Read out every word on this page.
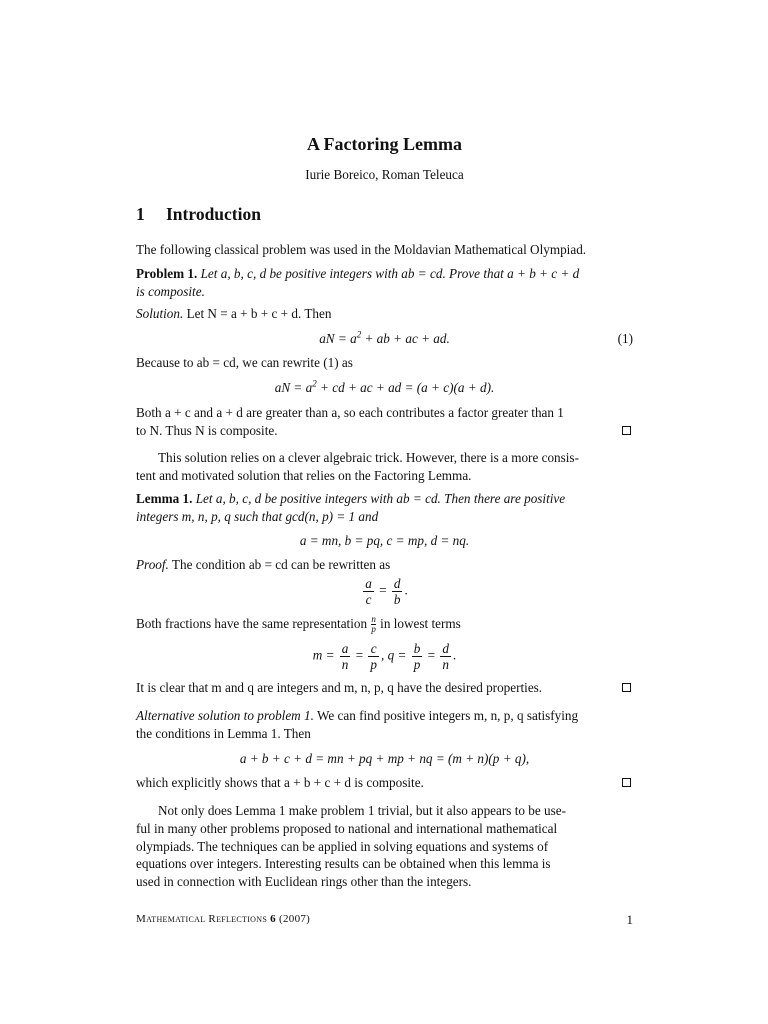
A Factoring Lemma
Iurie Boreico, Roman Teleuca
1 Introduction

The following classical problem was used in the Moldavian Mathematical Olympiad.

Problem 1. Let a, b, c, d be positive integers with ab = cd. Prove that a + b + c + d
is composite.
Solution. Let N = a + b + c + d. Then
aN = $a^2$ + ab + ac + ad.	(1)

Because to ab = cd, we can rewrite (1) as

aN = $a^2$ + cd + ac + ad = (a + c)(a + d).

Both a + c and a + d are greater than a, so each contributes a factor greater than 1

to N. Thus N is composite.

This solution relies on a clever algebraic trick. However, there is a more consis-

tent and motivated solution that relies on the Factoring Lemma.

Lemma 1. Let a, b, c, d be positive integers with ab = cd. Then there are positive
integers m, n, p, q such that gcd(n, p) = 1 and
a = mn, b = pq, c = mp, d = nq.
Proof. The condition ab = cd can be rewritten as
$\frac{a}{c} = \frac{d}{b}$ .
Both fractions have the same representation $\frac{n}{p}$ in lowest terms
$m = \frac{a}{n} = \frac{c}{p}$ , $q = \frac{b}{p} = \frac{d}{n}$ .

It is clear that m and q are integers and m, n, p, q have the desired properties.

Alternative solution to problem 1. We can find positive integers m, n, p, q satisfying
the conditions in Lemma 1. Then
a + b + c + d = mn + pq + mp + nq = (m + n)(p + q),

which explicitly shows that a + b + c + d is composite.

Not only does Lemma 1 make problem 1 trivial, but it also appears to be use-

ful in many other problems proposed to national and international mathematical

olympiads. The techniques can be applied in solving equations and systems of

equations over integers. Interesting results can be obtained when this lemma is

used in connection with Euclidean rings other than the integers.

Mathematical Reflections 6 (2007)	1
